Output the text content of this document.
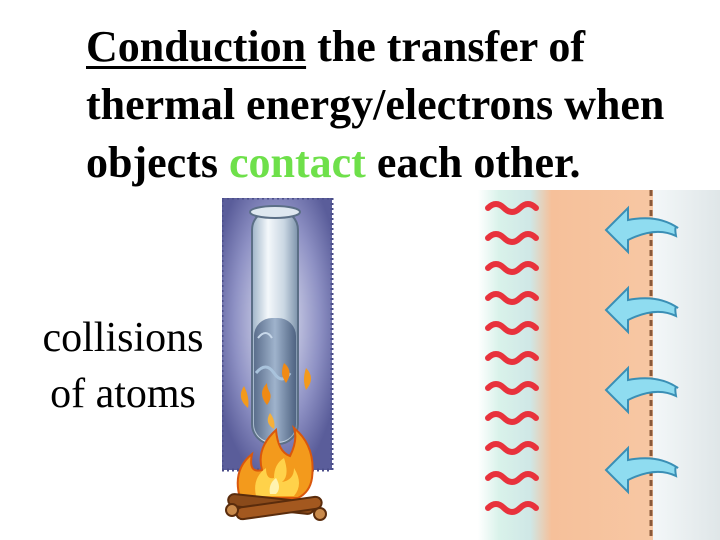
Conduction the transfer of thermal energy/electrons when objects contact each other.
collisions
of atoms
